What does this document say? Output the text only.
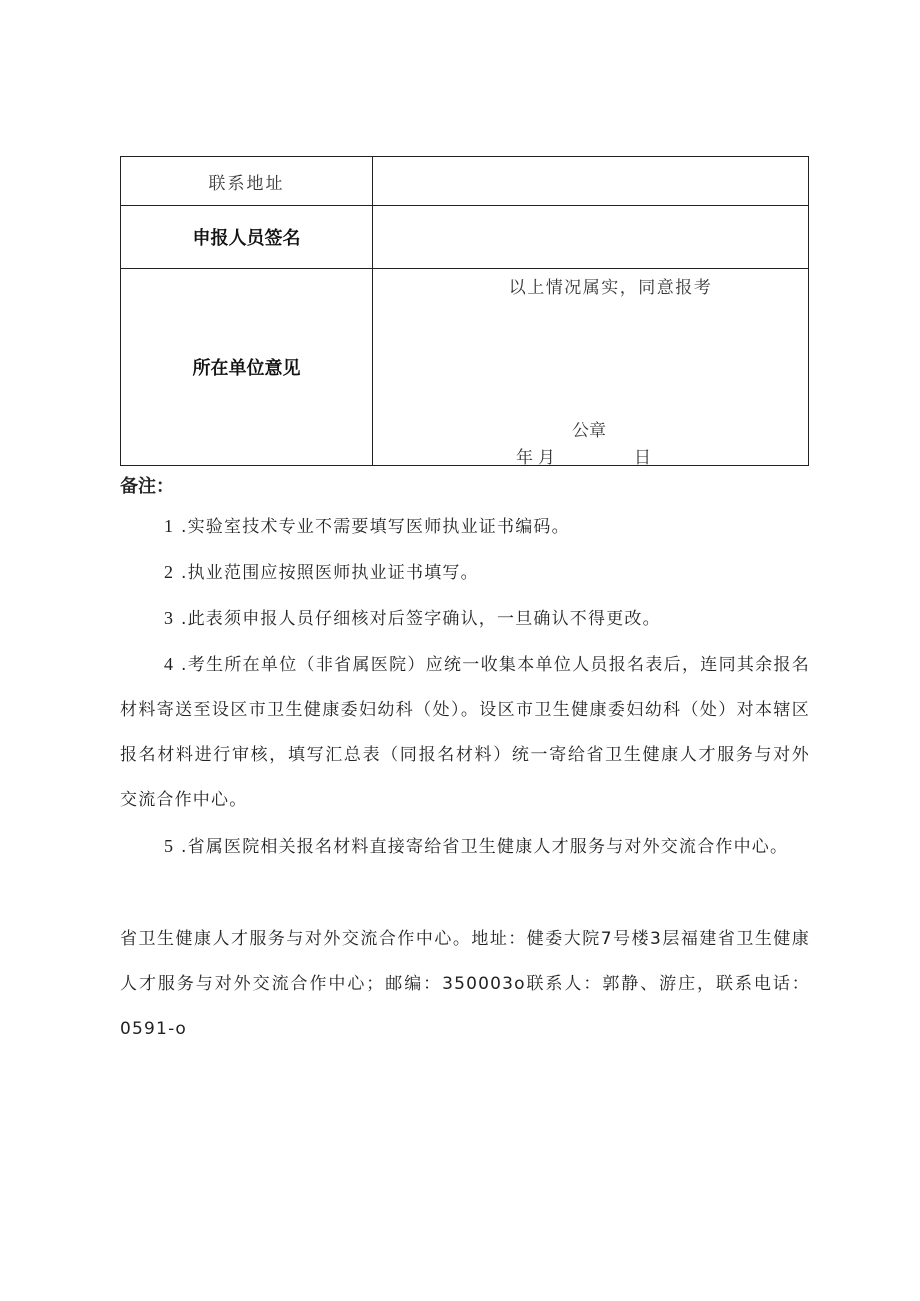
联系地址	
申报人员签名	
所在单位意见	以上情况属实，同意报考
公章
年 月 日
备注：
1 .实验室技术专业不需要填写医师执业证书编码。
2 .执业范围应按照医师执业证书填写。
3 .此表须申报人员仔细核对后签字确认，一旦确认不得更改。
4 .考生所在单位（非省属医院）应统一收集本单位人员报名表后，连同其余报名材料寄送至设区市卫生健康委妇幼科（处）。设区市卫生健康委妇幼科（处）对本辖区报名材料进行审核，填写汇总表（同报名材料）统一寄给省卫生健康人才服务与对外交流合作中心。
5 .省属医院相关报名材料直接寄给省卫生健康人才服务与对外交流合作中心。
省卫生健康人才服务与对外交流合作中心。地址：健委大院7号楼3层福建省卫生健康人才服务与对外交流合作中心；邮编：350003o联系人：郭静、游庄，联系电话：0591-o
